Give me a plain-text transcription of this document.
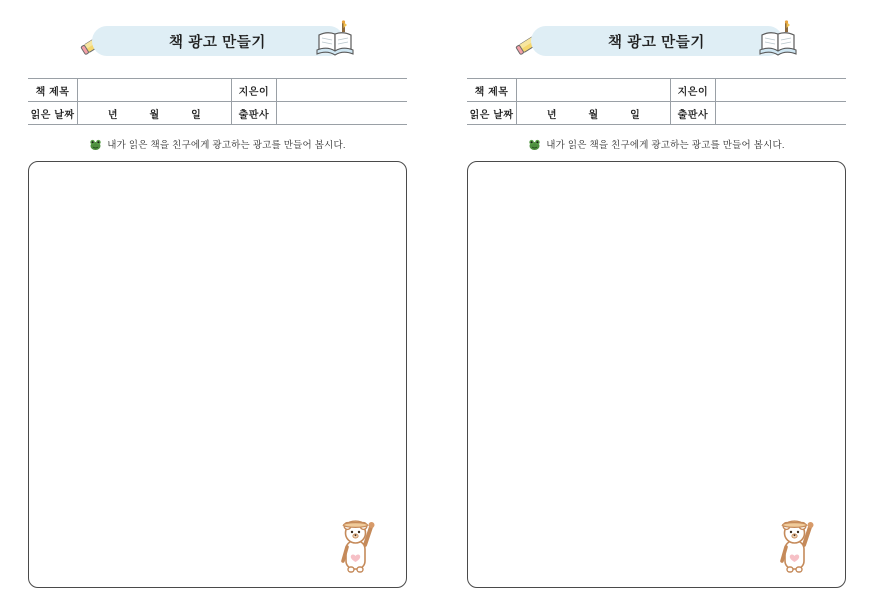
책 광고 만들기
책 제목		지은이	
읽은 날짜	년 월 일	출판사	
내가 읽은 책을 친구에게 광고하는 광고를 만들어 봅시다.
책 광고 만들기
책 제목		지은이	
읽은 날짜	년 월 일	출판사	
내가 읽은 책을 친구에게 광고하는 광고를 만들어 봅시다.
